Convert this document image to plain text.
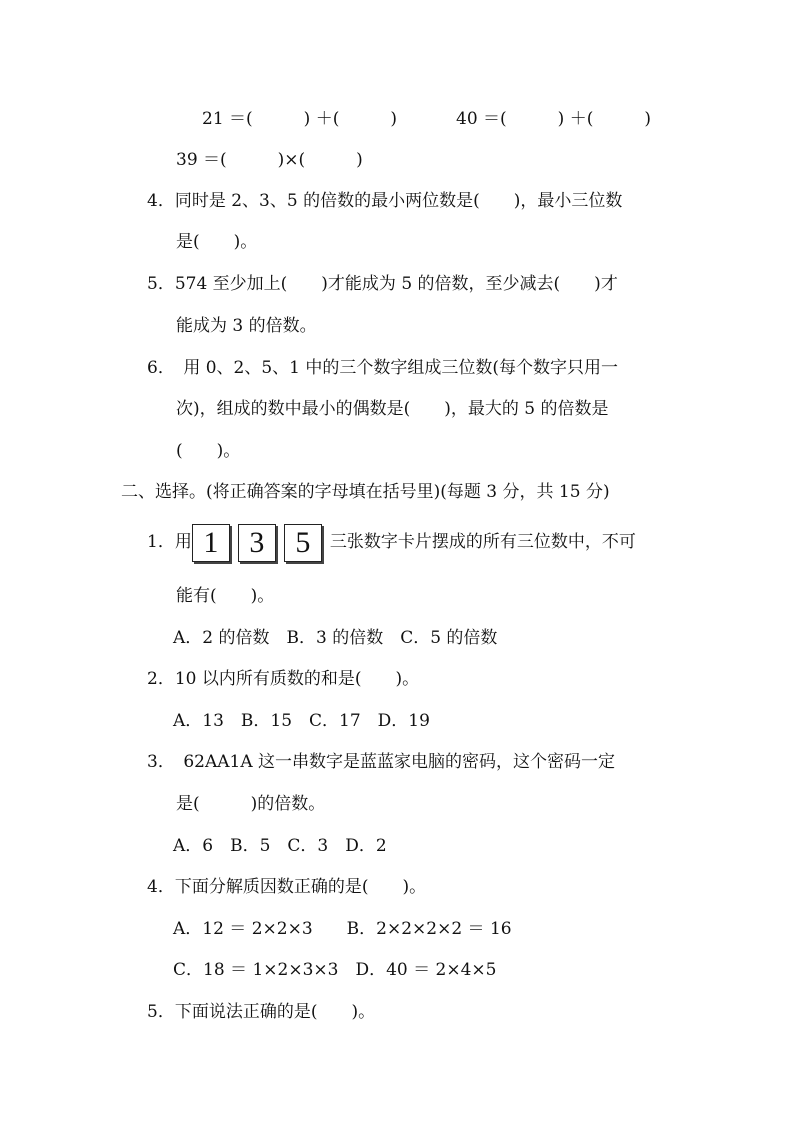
21 ＝(　　　) ＋(　　　)	40 ＝(　　　) ＋(　　　)
39 ＝(　　　)×(　　　)
4．同时是 2、3、5 的倍数的最小两位数是(　　)，最小三位数
是(　　)。
5．574 至少加上(　　)才能成为 5 的倍数，至少减去(　　)才
能成为 3 的倍数。
6．　用 0、2、5、1 中的三个数字组成三位数(每个数字只用一
次)，组成的数中最小的偶数是(　　)，最大的 5 的倍数是
(　　)。
二、选择。(将正确答案的字母填在括号里)(每题 3 分，共 15 分)
1．用 1 3 5 三张数字卡片摆成的所有三位数中，不可
能有(　　)。
A．2 的倍数　B．3 的倍数　C．5 的倍数
2．10 以内所有质数的和是(　　)。
A．13　B．15　C．17　D．19
3．　62AA1A 这一串数字是蓝蓝家电脑的密码，这个密码一定
是(　　　)的倍数。
A．6　B．5　C．3　D．2
4．下面分解质因数正确的是(　　)。
A．12 ＝ 2×2×3　　B．2×2×2×2 ＝ 16
C．18 ＝ 1×2×3×3　D．40 ＝ 2×4×5
5．下面说法正确的是(　　)。
